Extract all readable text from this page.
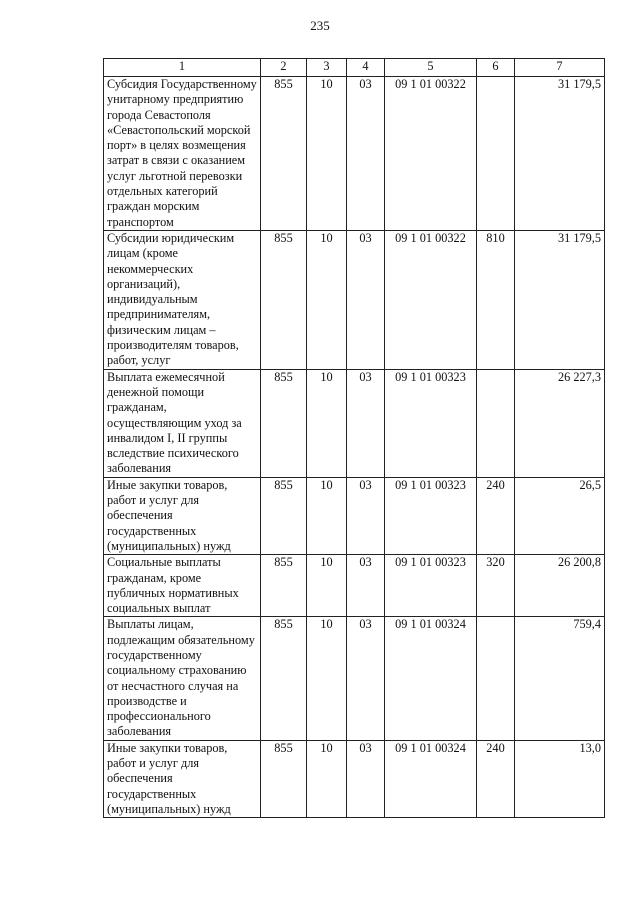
235
1	2	3	4	5	6	7
Субсидия Государственному унитарному предприятию города Севастополя «Севастопольский морской порт» в целях возмещения затрат в связи с оказанием услуг льготной перевозки отдельных категорий граждан морским транспортом	855	10	03	09 1 01 00322		31 179,5
Субсидии юридическим лицам (кроме некоммерческих организаций), индивидуальным предпринимателям, физическим лицам – производителям товаров, работ, услуг	855	10	03	09 1 01 00322	810	31 179,5
Выплата ежемесячной денежной помощи гражданам, осуществляющим уход за инвалидом I, II группы вследствие психического заболевания	855	10	03	09 1 01 00323		26 227,3
Иные закупки товаров, работ и услуг для обеспечения государственных (муниципальных) нужд	855	10	03	09 1 01 00323	240	26,5
Социальные выплаты гражданам, кроме публичных нормативных социальных выплат	855	10	03	09 1 01 00323	320	26 200,8
Выплаты лицам, подлежащим обязательному государственному социальному страхованию от несчастного случая на производстве и профессионального заболевания	855	10	03	09 1 01 00324		759,4
Иные закупки товаров, работ и услуг для обеспечения государственных (муниципальных) нужд	855	10	03	09 1 01 00324	240	13,0
